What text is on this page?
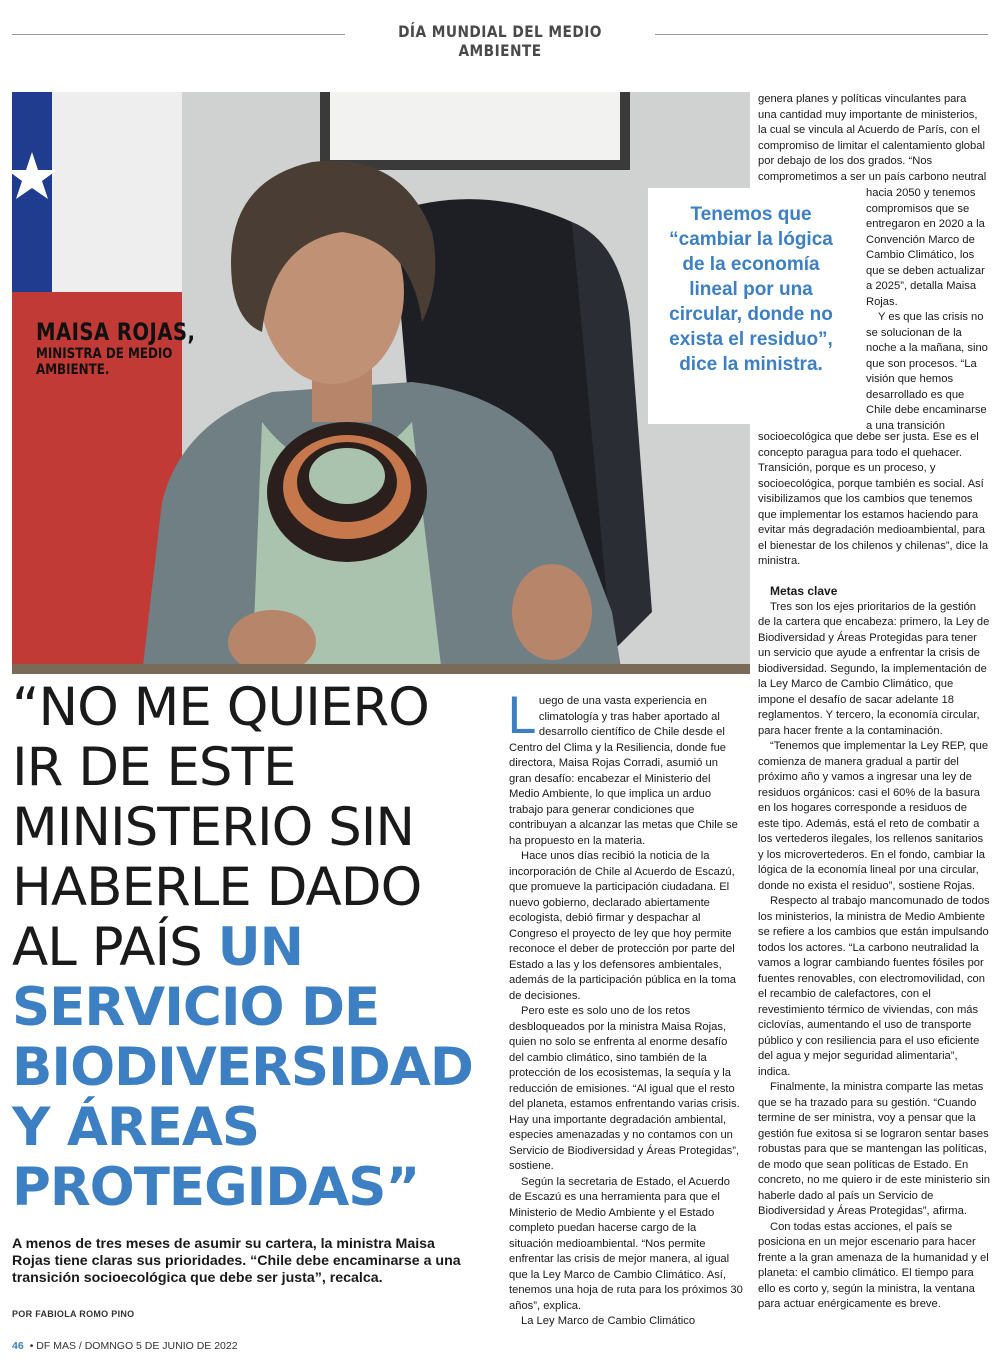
DÍA MUNDIAL DEL MEDIO AMBIENTE
MAISA ROJAS,
MINISTRA DE MEDIO AMBIENTE.
Tenemos que “cambiar la lógica de la economía lineal por una circular, donde no exista el residuo”, dice la ministra.
“NO ME QUIERO IR DE ESTE MINISTERIO SIN HABERLE DADO AL PAÍS UN SERVICIO DE BIODIVERSIDAD Y ÁREAS PROTEGIDAS”
A menos de tres meses de asumir su cartera, la ministra Maisa Rojas tiene claras sus prioridades. “Chile debe encaminarse a una transición socioecológica que debe ser justa”, recalca.
POR FABIOLA ROMO PINO

Luego de una vasta experiencia en climatología y tras haber aportado al desarrollo científico de Chile desde el Centro del Clima y la Resiliencia, donde fue directora, Maisa Rojas Corradi, asumió un gran desafío: encabezar el Ministerio del Medio Ambiente, lo que implica un arduo trabajo para generar condiciones que contribuyan a alcanzar las metas que Chile se ha propuesto en la materia.

Hace unos días recibió la noticia de la incorporación de Chile al Acuerdo de Escazú, que promueve la participación ciudadana. El nuevo gobierno, declarado abiertamente ecologista, debió firmar y despachar al Congreso el proyecto de ley que hoy permite reconoce el deber de protección por parte del Estado a las y los defensores ambientales, además de la participación pública en la toma de decisiones.

Pero este es solo uno de los retos desbloqueados por la ministra Maisa Rojas, quien no solo se enfrenta al enorme desafío del cambio climático, sino también de la protección de los ecosistemas, la sequía y la reducción de emisiones. “Al igual que el resto del planeta, estamos enfrentando varias crisis. Hay una importante degradación ambiental, especies amenazadas y no contamos con un Servicio de Biodiversidad y Áreas Protegidas”, sostiene.

Según la secretaria de Estado, el Acuerdo de Escazú es una herramienta para que el Ministerio de Medio Ambiente y el Estado completo puedan hacerse cargo de la situación medioambiental. “Nos permite enfrentar las crisis de mejor manera, al igual que la Ley Marco de Cambio Climático. Así, tenemos una hoja de ruta para los próximos 30 años”, explica.

La Ley Marco de Cambio Climático

genera planes y políticas vinculantes para una cantidad muy importante de ministerios, la cual se vincula al Acuerdo de París, con el compromiso de limitar el calentamiento global por debajo de los dos grados. “Nos comprometimos a ser un país carbono neutral

hacia 2050 y tenemos compromisos que se entregaron en 2020 a la Convención Marco de Cambio Climático, los que se deben actualizar a 2025”, detalla Maisa Rojas.

Y es que las crisis no se solucionan de la noche a la mañana, sino que son procesos. “La visión que hemos desarrollado es que Chile debe encaminarse a una transición

socioecológica que debe ser justa. Ese es el concepto paragua para todo el quehacer. Transición, porque es un proceso, y socioecológica, porque también es social. Así visibilizamos que los cambios que tenemos que implementar los estamos haciendo para evitar más degradación medioambiental, para el bienestar de los chilenos y chilenas”, dice la ministra.

Metas clave

Tres son los ejes prioritarios de la gestión de la cartera que encabeza: primero, la Ley de Biodiversidad y Áreas Protegidas para tener un servicio que ayude a enfrentar la crisis de biodiversidad. Segundo, la implementación de la Ley Marco de Cambio Climático, que impone el desafío de sacar adelante 18 reglamentos. Y tercero, la economía circular, para hacer frente a la contaminación.

“Tenemos que implementar la Ley REP, que comienza de manera gradual a partir del próximo año y vamos a ingresar una ley de residuos orgánicos: casi el 60% de la basura en los hogares corresponde a residuos de este tipo. Además, está el reto de combatir a los vertederos ilegales, los rellenos sanitarios y los microvertederos. En el fondo, cambiar la lógica de la economía lineal por una circular, donde no exista el residuo”, sostiene Rojas.

Respecto al trabajo mancomunado de todos los ministerios, la ministra de Medio Ambiente se refiere a los cambios que están impulsando todos los actores. “La carbono neutralidad la vamos a lograr cambiando fuentes fósiles por fuentes renovables, con electromovilidad, con el recambio de calefactores, con el revestimiento térmico de viviendas, con más ciclovías, aumentando el uso de transporte público y con resiliencia para el uso eficiente del agua y mejor seguridad alimentaria”, indica.

Finalmente, la ministra comparte las metas que se ha trazado para su gestión. “Cuando termine de ser ministra, voy a pensar que la gestión fue exitosa si se lograron sentar bases robustas para que se mantengan las políticas, de modo que sean políticas de Estado. En concreto, no me quiero ir de este ministerio sin haberle dado al país un Servicio de Biodiversidad y Áreas Protegidas”, afirma.

Con todas estas acciones, el país se posiciona en un mejor escenario para hacer frente a la gran amenaza de la humanidad y el planeta: el cambio climático. El tiempo para ello es corto y, según la ministra, la ventana para actuar enérgicamente es breve.

46 • DF MAS / DOMNGO 5 DE JUNIO DE 2022
